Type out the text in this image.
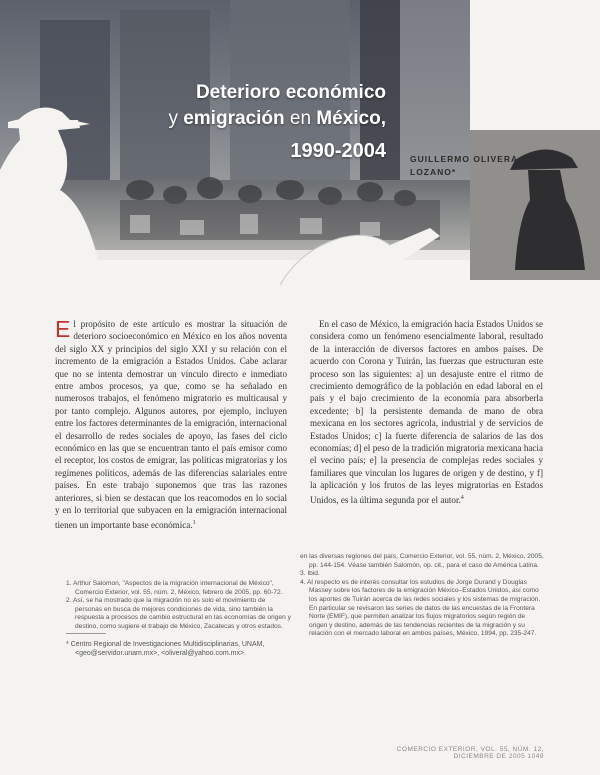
Deterioro económico
y emigración en México,
1990-2004	GUILLERMO OLIVERA
LOZANO*
El propósito de este artículo es mostrar la situación de deterioro socioeconómico en México en los años noventa del siglo XX y principios del siglo XXI y su relación con el incremento de la emigración a Estados Unidos. Cabe aclarar que no se intenta demostrar un vínculo directo e inmediato entre ambos procesos, ya que, como se ha señalado en numerosos trabajos, el fenómeno migratorio es multicausal y por tanto complejo. Algunos autores, por ejemplo, incluyen entre los factores determinantes de la emigración, internacional el desarrollo de redes sociales de apoyo, las fases del ciclo económico en las que se encuentran tanto el país emisor como el receptor, los costos de emigrar, las políticas migratorias y los regímenes políticos, además de las diferencias salariales entre países. En este trabajo suponemos que tras las razones anteriores, si bien se destacan que los reacomodos en lo social y en lo territorial que subyacen en la emigración internacional tienen un importante base económica.$^1$
En el caso de México, la emigración hacia Estados Unidos se considera como un fenómeno esencialmente laboral, resultado de la interacción de diversos factores en ambos países. De acuerdo con Corona y Tuirán, las fuerzas que estructuran este proceso son las siguientes: a] un desajuste entre el ritmo de crecimiento demográfico de la población en edad laboral en el país y el bajo crecimiento de la economía para absorberla excedente; b] la persistente demanda de mano de obra mexicana en los sectores agrícola, industrial y de servicios de Estados Unidos; c] la fuerte diferencia de salarios de las dos economías; d] el peso de la tradición migratoria mexicana hacia el vecino país; e] la presencia de complejas redes sociales y familiares que vinculan los lugares de origen y de destino, y f] la aplicación y los frutos de las leyes migratorias en Estados Unidos, es la última segunda por el autor.$^4$
1. Arthur Salomon, "Aspectos de la migración internacional de México", Comercio Exterior, vol. 55, núm. 2, México, febrero de 2005, pp. 60-72.
2. Así, se ha mostrado que la migración no es solo el movimiento de personas en busca de mejores condiciones de vida, sino también la respuesta a procesos de cambio estructural en las economías de origen y destino, como sugiere el trabajo de México, Zacatecas y otros estados.
* Centro Regional de Investigaciones Multidisciplinarias, UNAM, <geo@servidor.unam.mx>, <oliveral@yahoo.com.mx>.
en las diversas regiones del país, Comercio Exterior, vol. 55, núm. 2, México, 2005, pp. 144-154. Véase también Salomón, op. cit., para el caso de América Latina.
3. Ibid.
4. Al respecto es de interés consultar los estudios de Jorge Durand y Douglas Massey sobre los factores de la emigración México–Estados Unidos, así como los aportes de Tuirán acerca de las redes sociales y los sistemas de migración. En particular se revisaron las series de datos de las encuestas de la Frontera Norte (EMIF), que permiten analizar los flujos migratorios según región de origen y destino, además de las tendencias recientes de la migración y su relación con el mercado laboral en ambos países, México, 1994, pp. 235-247.
COMERCIO EXTERIOR, VOL. 55, NÚM. 12, DICIEMBRE DE 2005 1049
